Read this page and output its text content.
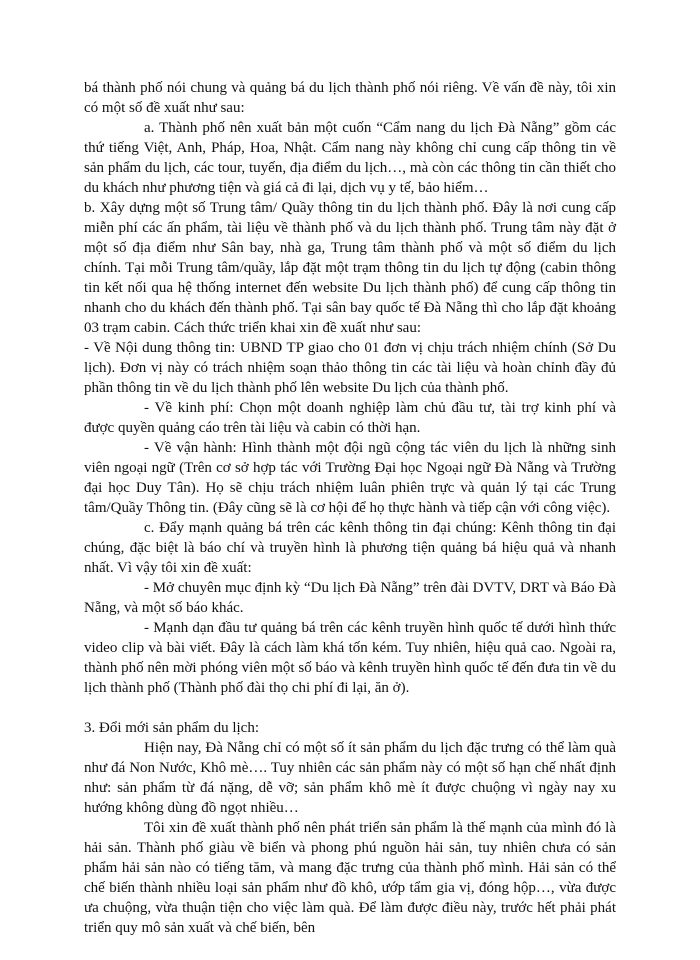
bá thành phố nói chung và quảng bá du lịch thành phố nói riêng. Về vấn đề này, tôi xin có một số đề xuất như sau:

a. Thành phố nên xuất bản một cuốn “Cẩm nang du lịch Đà Nẵng” gồm các thứ tiếng Việt, Anh, Pháp, Hoa, Nhật. Cẩm nang này không chỉ cung cấp thông tin về sản phẩm du lịch, các tour, tuyến, địa điểm du lịch…, mà còn các thông tin cần thiết cho du khách như phương tiện và giá cả đi lại, dịch vụ y tế, bảo hiểm…

b. Xây dựng một số Trung tâm/ Quầy thông tin du lịch thành phố. Đây là nơi cung cấp miễn phí các ấn phẩm, tài liệu về thành phố và du lịch thành phố. Trung tâm này đặt ở một số địa điểm như Sân bay, nhà ga, Trung tâm thành phố và một số điểm du lịch chính. Tại mỗi Trung tâm/quầy, lắp đặt một trạm thông tin du lịch tự động (cabin thông tin kết nối qua hệ thống internet đến website Du lịch thành phố) để cung cấp thông tin nhanh cho du khách đến thành phố. Tại sân bay quốc tế Đà Nẵng thì cho lắp đặt khoảng 03 trạm cabin. Cách thức triển khai xin đề xuất như sau:

- Về Nội dung thông tin: UBND TP giao cho 01 đơn vị chịu trách nhiệm chính (Sở Du lịch). Đơn vị này có trách nhiệm soạn thảo thông tin các tài liệu và hoàn chỉnh đầy đủ phần thông tin về du lịch thành phố lên website Du lịch của thành phố.

- Về kinh phí: Chọn một doanh nghiệp làm chủ đầu tư, tài trợ kinh phí và được quyền quảng cáo trên tài liệu và cabin có thời hạn.

- Về vận hành: Hình thành một đội ngũ cộng tác viên du lịch là những sinh viên ngoại ngữ (Trên cơ sở hợp tác với Trường Đại học Ngoại ngữ Đà Nẵng và Trường đại học Duy Tân). Họ sẽ chịu trách nhiệm luân phiên trực và quản lý tại các Trung tâm/Quầy Thông tin. (Đây cũng sẽ là cơ hội để họ thực hành và tiếp cận với công việc).

c. Đẩy mạnh quảng bá trên các kênh thông tin đại chúng: Kênh thông tin đại chúng, đặc biệt là báo chí và truyền hình là phương tiện quảng bá hiệu quả và nhanh nhất. Vì vậy tôi xin đề xuất:

- Mở chuyên mục định kỳ “Du lịch Đà Nẵng” trên đài DVTV, DRT và Báo Đà Nẵng, và một số báo khác.

- Mạnh dạn đầu tư quảng bá trên các kênh truyền hình quốc tế dưới hình thức video clip và bài viết. Đây là cách làm khá tốn kém. Tuy nhiên, hiệu quả cao. Ngoài ra, thành phố nên mời phóng viên một số báo và kênh truyền hình quốc tế đến đưa tin về du lịch thành phố (Thành phố đài thọ chi phí đi lại, ăn ở).

3. Đổi mới sản phẩm du lịch:

Hiện nay, Đà Nẵng chỉ có một số ít sản phẩm du lịch đặc trưng có thể làm quà như đá Non Nước, Khô mè…. Tuy nhiên các sản phẩm này có một số hạn chế nhất định như: sản phẩm từ đá nặng, dễ vỡ; sản phẩm khô mè ít được chuộng vì ngày nay xu hướng không dùng đồ ngọt nhiều…

Tôi xin đề xuất thành phố nên phát triển sản phẩm là thế mạnh của mình đó là hải sản. Thành phố giàu về biển và phong phú nguồn hải sản, tuy nhiên chưa có sản phẩm hải sản nào có tiếng tăm, và mang đặc trưng của thành phố mình. Hải sản có thể chế biến thành nhiều loại sản phẩm như đồ khô, ướp tẩm gia vị, đóng hộp…, vừa được ưa chuộng, vừa thuận tiện cho việc làm quà. Để làm được điều này, trước hết phải phát triển quy mô sản xuất và chế biến, bên
